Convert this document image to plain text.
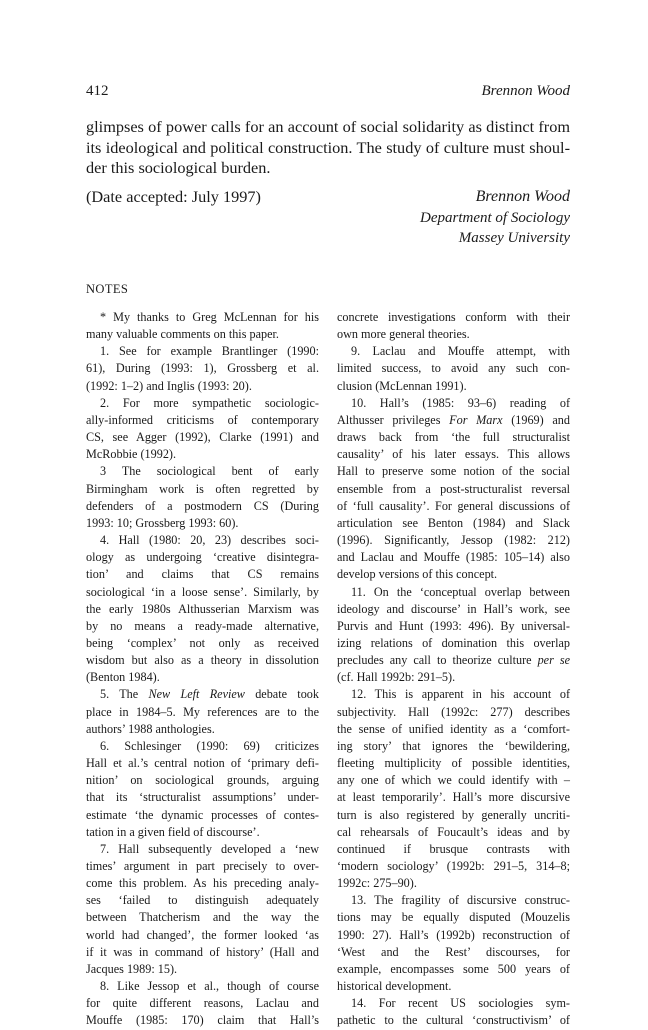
412	Brennon Wood
glimpses of power calls for an account of social solidarity as distinct from
its ideological and political construction. The study of culture must shoul-
der this sociological burden.
(Date accepted: July 1997)	Brennon Wood
Department of Sociology
Massey University
NOTES
* My thanks to Greg McLennan for his
many valuable comments on this paper.
1. See for example Brantlinger (1990:
61), During (1993: 1), Grossberg et al.
(1992: 1–2) and Inglis (1993: 20).
2. For more sympathetic sociologic-
ally-informed criticisms of contemporary
CS, see Agger (1992), Clarke (1991) and
McRobbie (1992).
3 The sociological bent of early
Birmingham work is often regretted by
defenders of a postmodern CS (During
1993: 10; Grossberg 1993: 60).
4. Hall (1980: 20, 23) describes soci-
ology as undergoing ‘creative disintegra-
tion’ and claims that CS remains
sociological ‘in a loose sense’. Similarly, by
the early 1980s Althusserian Marxism was
by no means a ready-made alternative,
being ‘complex’ not only as received
wisdom but also as a theory in dissolution
(Benton 1984).
5. The New Left Review debate took
place in 1984–5. My references are to the
authors’ 1988 anthologies.
6. Schlesinger (1990: 69) criticizes
Hall et al.’s central notion of ‘primary defi-
nition’ on sociological grounds, arguing
that its ‘structuralist assumptions’ under-
estimate ‘the dynamic processes of contes-
tation in a given field of discourse’.
7. Hall subsequently developed a ‘new
times’ argument in part precisely to over-
come this problem. As his preceding analy-
ses ‘failed to distinguish adequately
between Thatcherism and the way the
world had changed’, the former looked ‘as
if it was in command of history’ (Hall and
Jacques 1989: 15).
8. Like Jessop et al., though of course
for quite different reasons, Laclau and
Mouffe (1985: 170) claim that Hall’s
concrete investigations conform with their
own more general theories.
9. Laclau and Mouffe attempt, with
limited success, to avoid any such con-
clusion (McLennan 1991).
10. Hall’s (1985: 93–6) reading of
Althusser privileges For Marx (1969) and
draws back from ‘the full structuralist
causality’ of his later essays. This allows
Hall to preserve some notion of the social
ensemble from a post-structuralist reversal
of ‘full causality’. For general discussions of
articulation see Benton (1984) and Slack
(1996). Significantly, Jessop (1982: 212)
and Laclau and Mouffe (1985: 105–14) also
develop versions of this concept.
11. On the ‘conceptual overlap between
ideology and discourse’ in Hall’s work, see
Purvis and Hunt (1993: 496). By universal-
izing relations of domination this overlap
precludes any call to theorize culture per se
(cf. Hall 1992b: 291–5).
12. This is apparent in his account of
subjectivity. Hall (1992c: 277) describes
the sense of unified identity as a ‘comfort-
ing story’ that ignores the ‘bewildering,
fleeting multiplicity of possible identities,
any one of which we could identify with –
at least temporarily’. Hall’s more discursive
turn is also registered by generally uncriti-
cal rehearsals of Foucault’s ideas and by
continued if brusque contrasts with
‘modern sociology’ (1992b: 291–5, 314–8;
1992c: 275–90).
13. The fragility of discursive construc-
tions may be equally disputed (Mouzelis
1990: 27). Hall’s (1992b) reconstruction of
‘West and the Rest’ discourses, for
example, encompasses some 500 years of
historical development.
14. For recent US sociologies sym-
pathetic to the cultural ‘constructivism’ of
